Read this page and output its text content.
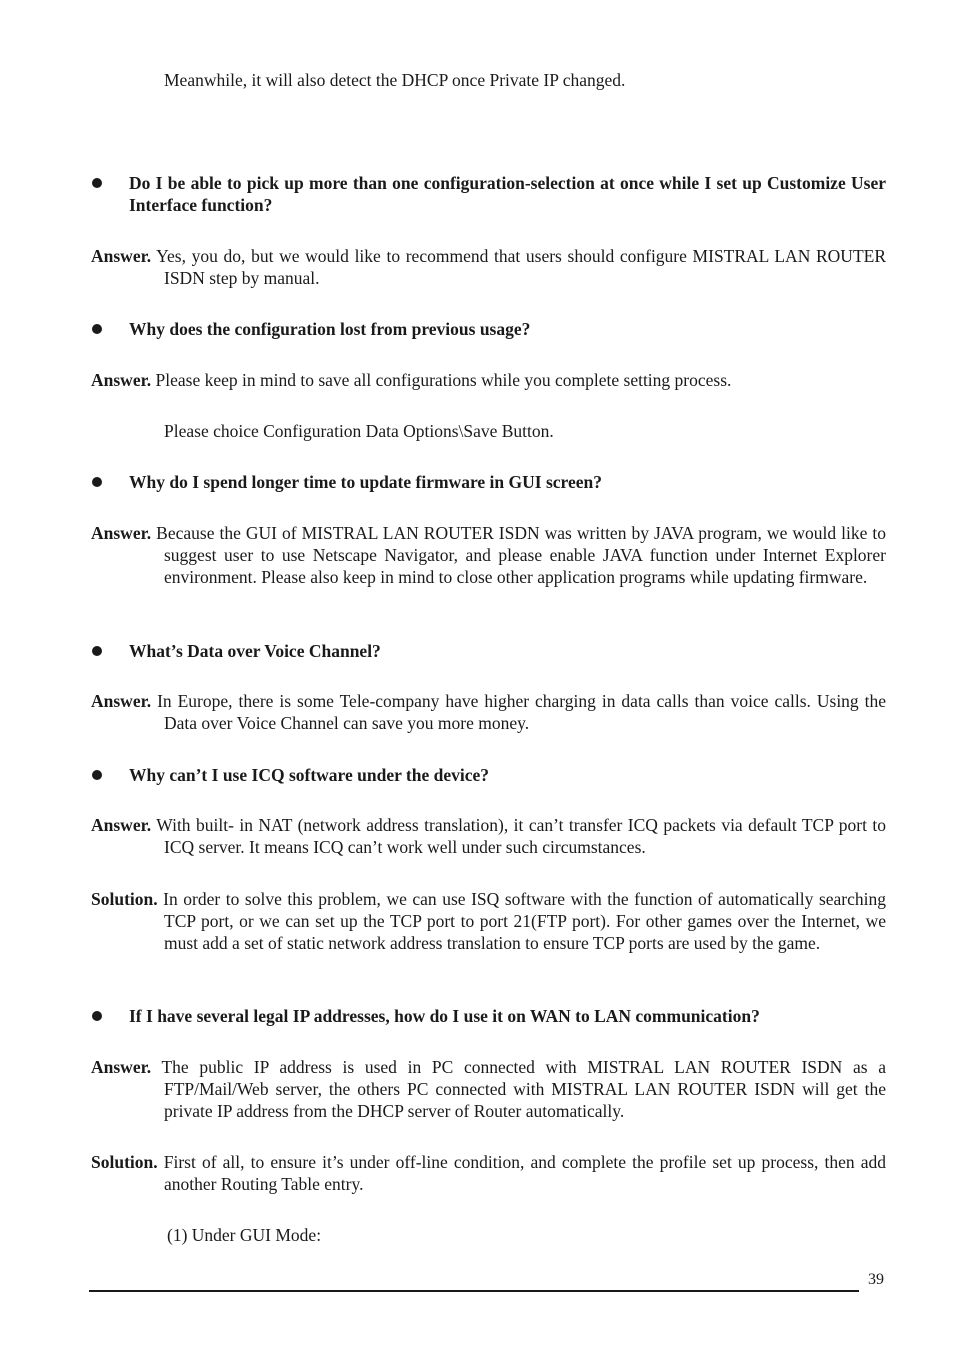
Meanwhile, it will also detect the DHCP once Private IP changed.
Do I be able to pick up more than one configuration-selection at once while I set up Customize User Interface function?
Answer. Yes, you do, but we would like to recommend that users should configure MISTRAL LAN ROUTER ISDN step by manual.
Why does the configuration lost from previous usage?
Answer. Please keep in mind to save all configurations while you complete setting process.
Please choice Configuration Data Options\Save Button.
Why do I spend longer time to update firmware in GUI screen?
Answer. Because the GUI of MISTRAL LAN ROUTER ISDN was written by JAVA program, we would like to suggest user to use Netscape Navigator, and please enable JAVA function under Internet Explorer environment. Please also keep in mind to close other application programs while updating firmware.
What’s Data over Voice Channel?
Answer. In Europe, there is some Tele-company have higher charging in data calls than voice calls. Using the Data over Voice Channel can save you more money.
Why can’t I use ICQ software under the device?
Answer. With built- in NAT (network address translation), it can’t transfer ICQ packets via default TCP port to ICQ server. It means ICQ can’t work well under such circumstances.
Solution. In order to solve this problem, we can use ISQ software with the function of automatically searching TCP port, or we can set up the TCP port to port 21(FTP port). For other games over the Internet, we must add a set of static network address translation to ensure TCP ports are used by the game.
If I have several legal IP addresses, how do I use it on WAN to LAN communication?
Answer. The public IP address is used in PC connected with MISTRAL LAN ROUTER ISDN as a FTP/Mail/Web server, the others PC connected with MISTRAL LAN ROUTER ISDN will get the private IP address from the DHCP server of Router automatically.
Solution. First of all, to ensure it’s under off-line condition, and complete the profile set up process, then add another Routing Table entry.
(1) Under GUI Mode:
39
